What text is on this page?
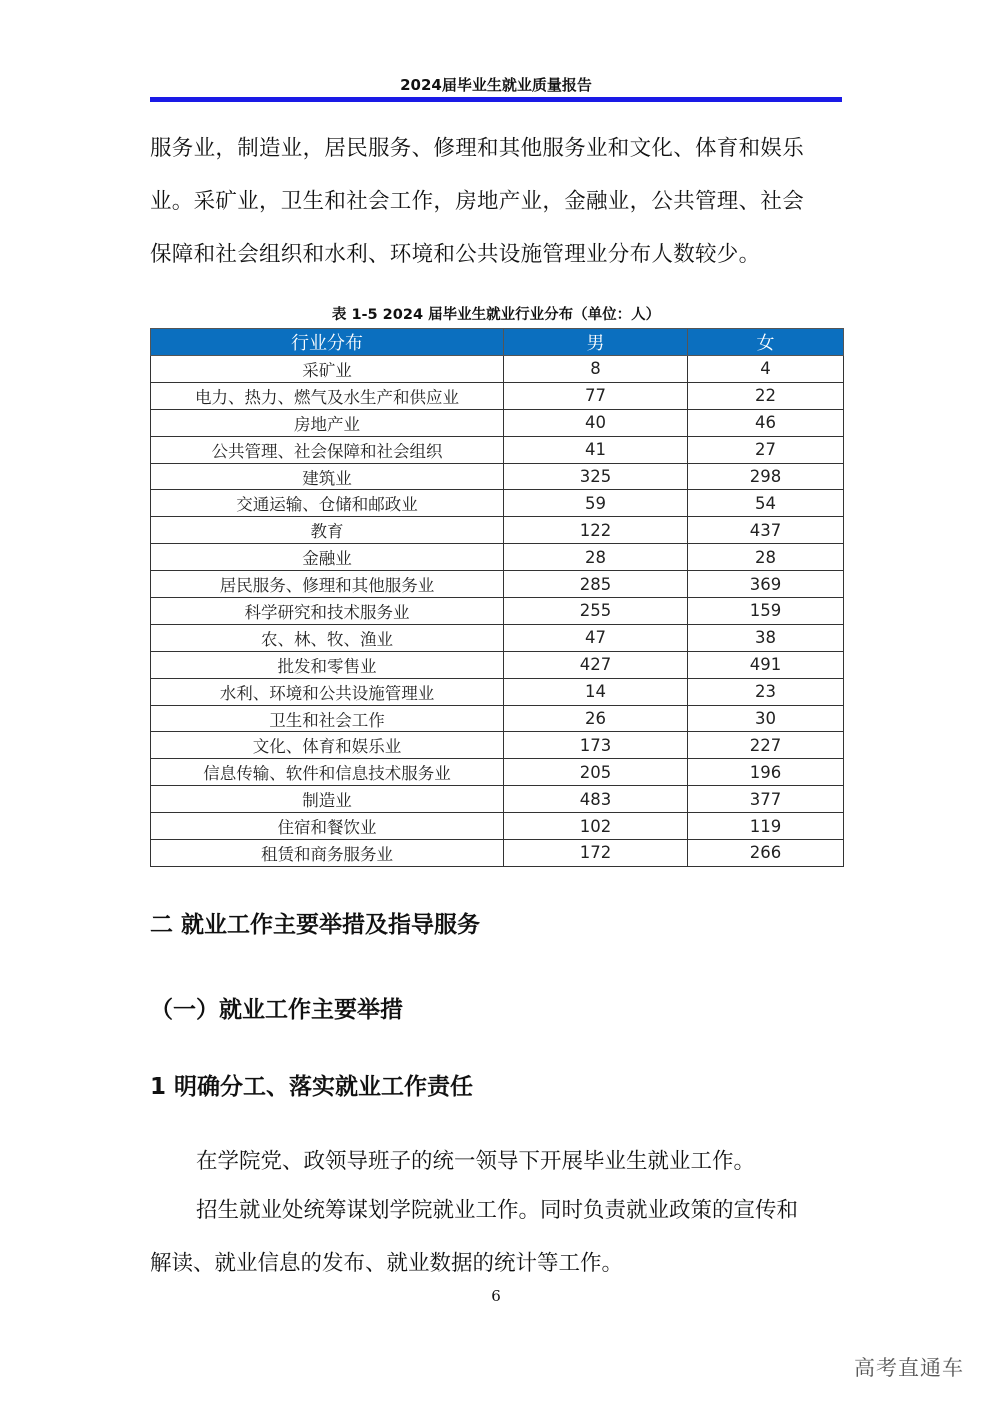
2024届毕业生就业质量报告
服务业，制造业，居民服务、修理和其他服务业和文化、体育和娱乐
业。采矿业，卫生和社会工作，房地产业，金融业，公共管理、社会
保障和社会组织和水利、环境和公共设施管理业分布人数较少。
表 1-5 2024 届毕业生就业行业分布（单位：人）
行业分布	男	女
采矿业	8	4
电力、热力、燃气及水生产和供应业	77	22
房地产业	40	46
公共管理、社会保障和社会组织	41	27
建筑业	325	298
交通运输、仓储和邮政业	59	54
教育	122	437
金融业	28	28
居民服务、修理和其他服务业	285	369
科学研究和技术服务业	255	159
农、林、牧、渔业	47	38
批发和零售业	427	491
水利、环境和公共设施管理业	14	23
卫生和社会工作	26	30
文化、体育和娱乐业	173	227
信息传输、软件和信息技术服务业	205	196
制造业	483	377
住宿和餐饮业	102	119
租赁和商务服务业	172	266
二 就业工作主要举措及指导服务
（一）就业工作主要举措
1 明确分工、落实就业工作责任

在学院党、政领导班子的统一领导下开展毕业生就业工作。

招生就业处统筹谋划学院就业工作。同时负责就业政策的宣传和
解读、就业信息的发布、就业数据的统计等工作。
6
高考直通车
